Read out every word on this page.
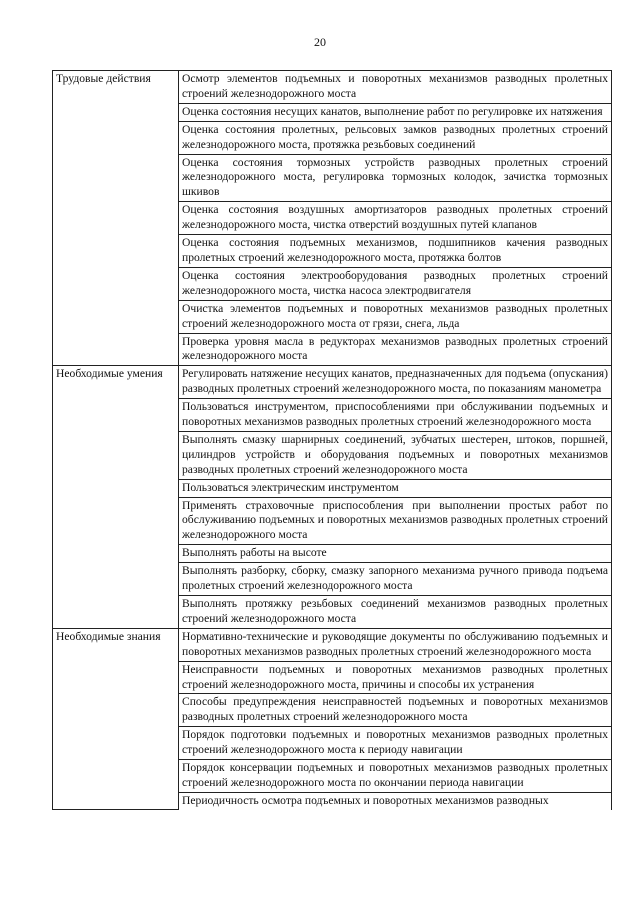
20
Трудовые действия	Осмотр элементов подъемных и поворотных механизмов разводных пролетных строений железнодорожного моста
	Оценка состояния несущих канатов, выполнение работ по регулировке их натяжения
	Оценка состояния пролетных, рельсовых замков разводных пролетных строений железнодорожного моста, протяжка резьбовых соединений
	Оценка состояния тормозных устройств разводных пролетных строений железнодорожного моста, регулировка тормозных колодок, зачистка тормозных шкивов
	Оценка состояния воздушных амортизаторов разводных пролетных строений железнодорожного моста, чистка отверстий воздушных путей клапанов
	Оценка состояния подъемных механизмов, подшипников качения разводных пролетных строений железнодорожного моста, протяжка болтов
	Оценка состояния электрооборудования разводных пролетных строений железнодорожного моста, чистка насоса электродвигателя
	Очистка элементов подъемных и поворотных механизмов разводных пролетных строений железнодорожного моста от грязи, снега, льда
	Проверка уровня масла в редукторах механизмов разводных пролетных строений железнодорожного моста
Необходимые умения	Регулировать натяжение несущих канатов, предназначенных для подъема (опускания) разводных пролетных строений железнодорожного моста, по показаниям манометра
	Пользоваться инструментом, приспособлениями при обслуживании подъемных и поворотных механизмов разводных пролетных строений железнодорожного моста
	Выполнять смазку шарнирных соединений, зубчатых шестерен, штоков, поршней, цилиндров устройств и оборудования подъемных и поворотных механизмов разводных пролетных строений железнодорожного моста
	Пользоваться электрическим инструментом
	Применять страховочные приспособления при выполнении простых работ по обслуживанию подъемных и поворотных механизмов разводных пролетных строений железнодорожного моста
	Выполнять работы на высоте
	Выполнять разборку, сборку, смазку запорного механизма ручного привода подъема пролетных строений железнодорожного моста
	Выполнять протяжку резьбовых соединений механизмов разводных пролетных строений железнодорожного моста
Необходимые знания	Нормативно-технические и руководящие документы по обслуживанию подъемных и поворотных механизмов разводных пролетных строений железнодорожного моста
	Неисправности подъемных и поворотных механизмов разводных пролетных строений железнодорожного моста, причины и способы их устранения
	Способы предупреждения неисправностей подъемных и поворотных механизмов разводных пролетных строений железнодорожного моста
	Порядок подготовки подъемных и поворотных механизмов разводных пролетных строений железнодорожного моста к периоду навигации
	Порядок консервации подъемных и поворотных механизмов разводных пролетных строений железнодорожного моста по окончании периода навигации
	Периодичность осмотра подъемных и поворотных механизмов разводных
